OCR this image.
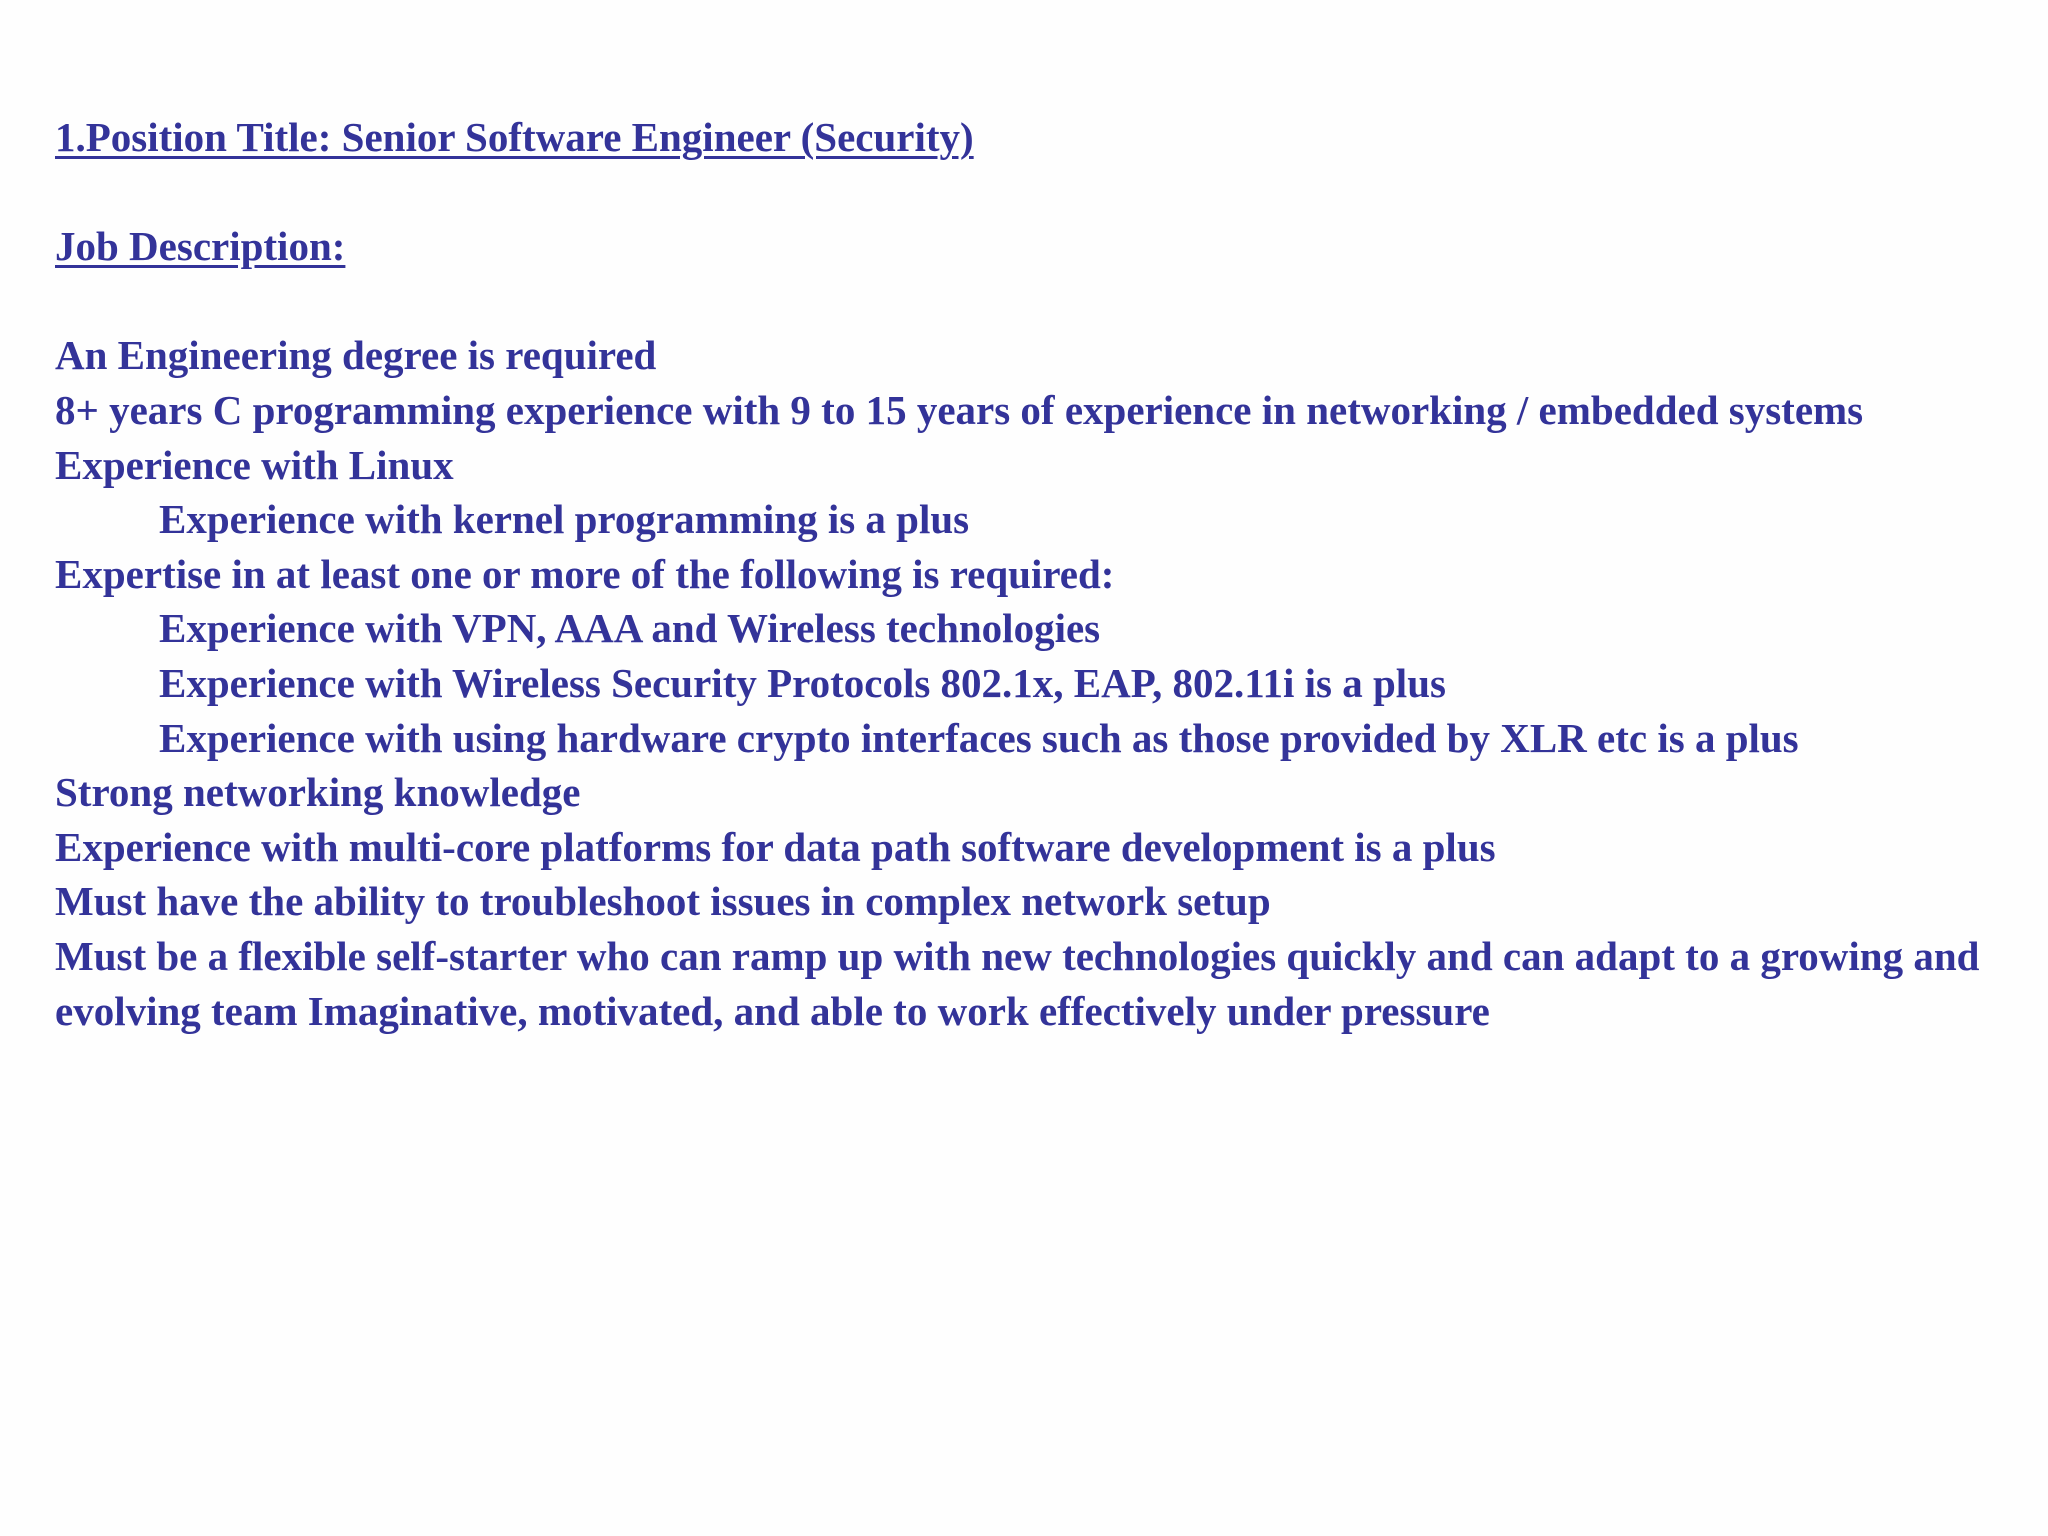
1.Position Title: Senior Software Engineer (Security)
Job Description:
An Engineering degree is required
8+ years C programming experience with 9 to 15 years of experience in networking / embedded systems
Experience with Linux
Experience with kernel programming is a plus
Expertise in at least one or more of the following is required:
Experience with VPN, AAA and Wireless technologies
Experience with Wireless Security Protocols 802.1x, EAP, 802.11i is a plus
Experience with using hardware crypto interfaces such as those provided by XLR etc is a plus
Strong networking knowledge
Experience with multi-core platforms for data path software development is a plus
Must have the ability to troubleshoot issues in complex network setup
Must be a flexible self-starter who can ramp up with new technologies quickly and can adapt to a growing and evolving team Imaginative, motivated, and able to work effectively under pressure
